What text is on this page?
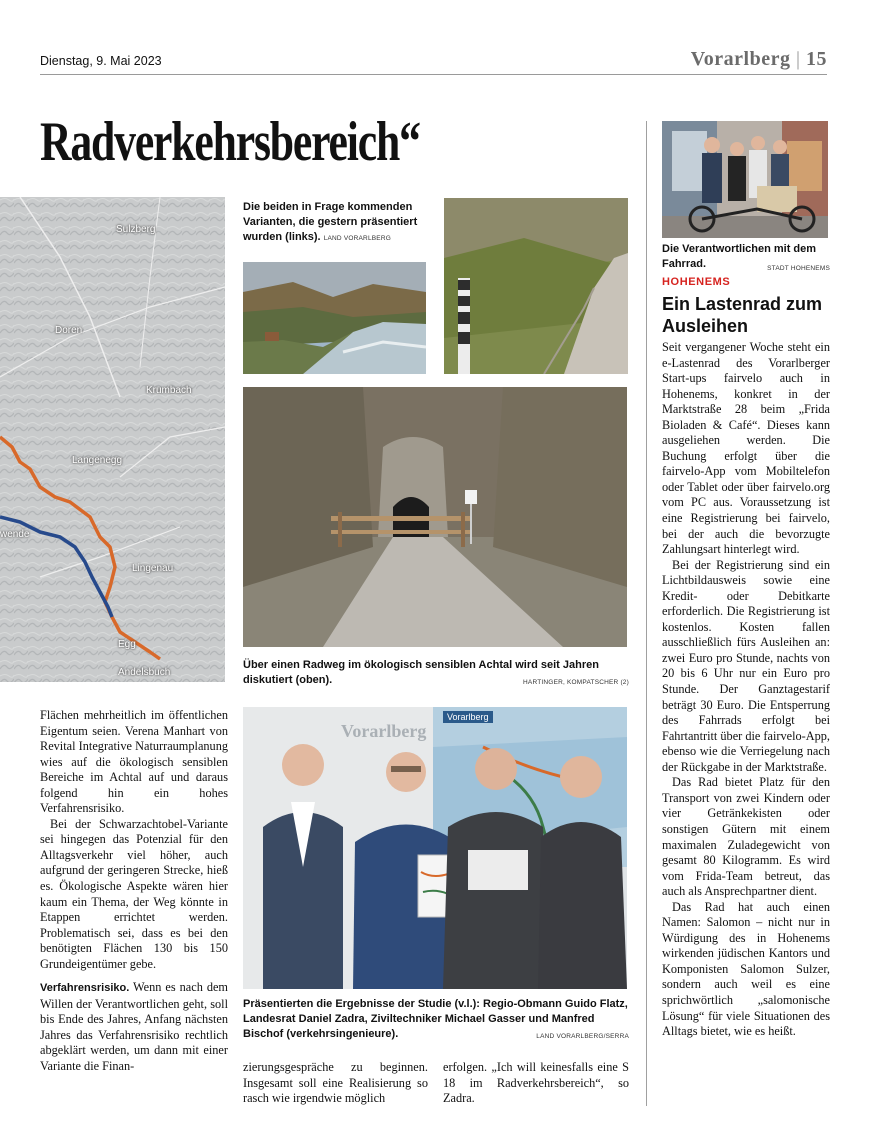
Dienstag, 9. Mai 2023	Vorarlberg | 15
Radverkehrsbereich“
Sulzberg
Doren
Krumbach
Langenegg
Lingenau
Egg
Andelsbuch
wende
Die beiden in Frage kommenden Varianten, die gestern präsentiert wurden (links). LAND VORARLBERG
Über einen Radweg im ökologisch sensiblen Achtal wird seit Jahren diskutiert (oben).	HARTINGER, KOMPATSCHER (2)
Vorarlberg
Vorarlberg
Präsentierten die Ergebnisse der Studie (v.l.): Regio-Obmann Guido Flatz, Landesrat Daniel Zadra, Ziviltechniker Michael Gasser und Manfred Bischof (verkehrsingenieure).	LAND VORARLBERG/SERRA

Flächen mehrheitlich im öffentlichen Eigentum seien. Verena Manhart von Revital Integrative Naturraumplanung wies auf die ökologisch sensiblen Bereiche im Achtal auf und daraus folgend hin ein hohes Verfahrensrisiko.

Bei der Schwarzachtobel-Variante sei hingegen das Potenzial für den Alltagsverkehr viel höher, auch aufgrund der geringeren Strecke, hieß es. Ökologische Aspekte wären hier kaum ein Thema, der Weg könnte in Etappen errichtet werden. Problematisch sei, dass es bei den benötigten Flächen 130 bis 150 Grundeigentümer gebe.

Verfahrensrisiko. Wenn es nach dem Willen der Verantwortlichen geht, soll bis Ende des Jahres, Anfang nächsten Jahres das Verfahrensrisiko rechtlich abgeklärt werden, um dann mit einer Variante die Finan-	zierungsgespräche zu beginnen. Insgesamt soll eine Realisierung so rasch wie irgendwie möglich

erfolgen. „Ich will keinesfalls eine S 18 im Radverkehrsbereich“, so Zadra.

Die Verantwortlichen mit dem Fahrrad.	STADT HOHENEMS
HOHENEMS
Ein Lastenrad zum Ausleihen

Seit vergangener Woche steht ein e-Lastenrad des Vorarlberger Start-ups fairvelo auch in Hohenems, konkret in der Marktstraße 28 beim „Frida Bioladen & Café“. Dieses kann ausgeliehen werden. Die Buchung erfolgt über die fairvelo-App vom Mobiltelefon oder Tablet oder über fairvelo.org vom PC aus. Voraussetzung ist eine Registrierung bei fairvelo, bei der auch die bevorzugte Zahlungsart hinterlegt wird.

Bei der Registrierung sind ein Lichtbildausweis sowie eine Kredit- oder Debitkarte erforderlich. Die Registrierung ist kostenlos. Kosten fallen ausschließlich fürs Ausleihen an: zwei Euro pro Stunde, nachts von 20 bis 6 Uhr nur ein Euro pro Stunde. Der Ganztagestarif beträgt 30 Euro. Die Entsperrung des Fahrrads erfolgt bei Fahrtantritt über die fairvelo-App, ebenso wie die Verriegelung nach der Rückgabe in der Marktstraße.

Das Rad bietet Platz für den Transport von zwei Kindern oder vier Getränkekisten oder sonstigen Gütern mit einem maximalen Zuladegewicht von gesamt 80 Kilogramm. Es wird vom Frida-Team betreut, das auch als Ansprechpartner dient.

Das Rad hat auch einen Namen: Salomon – nicht nur in Würdigung des in Hohenems wirkenden jüdischen Kantors und Komponisten Salomon Sulzer, sondern auch weil es eine sprichwörtlich „salomonische Lösung“ für viele Situationen des Alltags bietet, wie es heißt.
